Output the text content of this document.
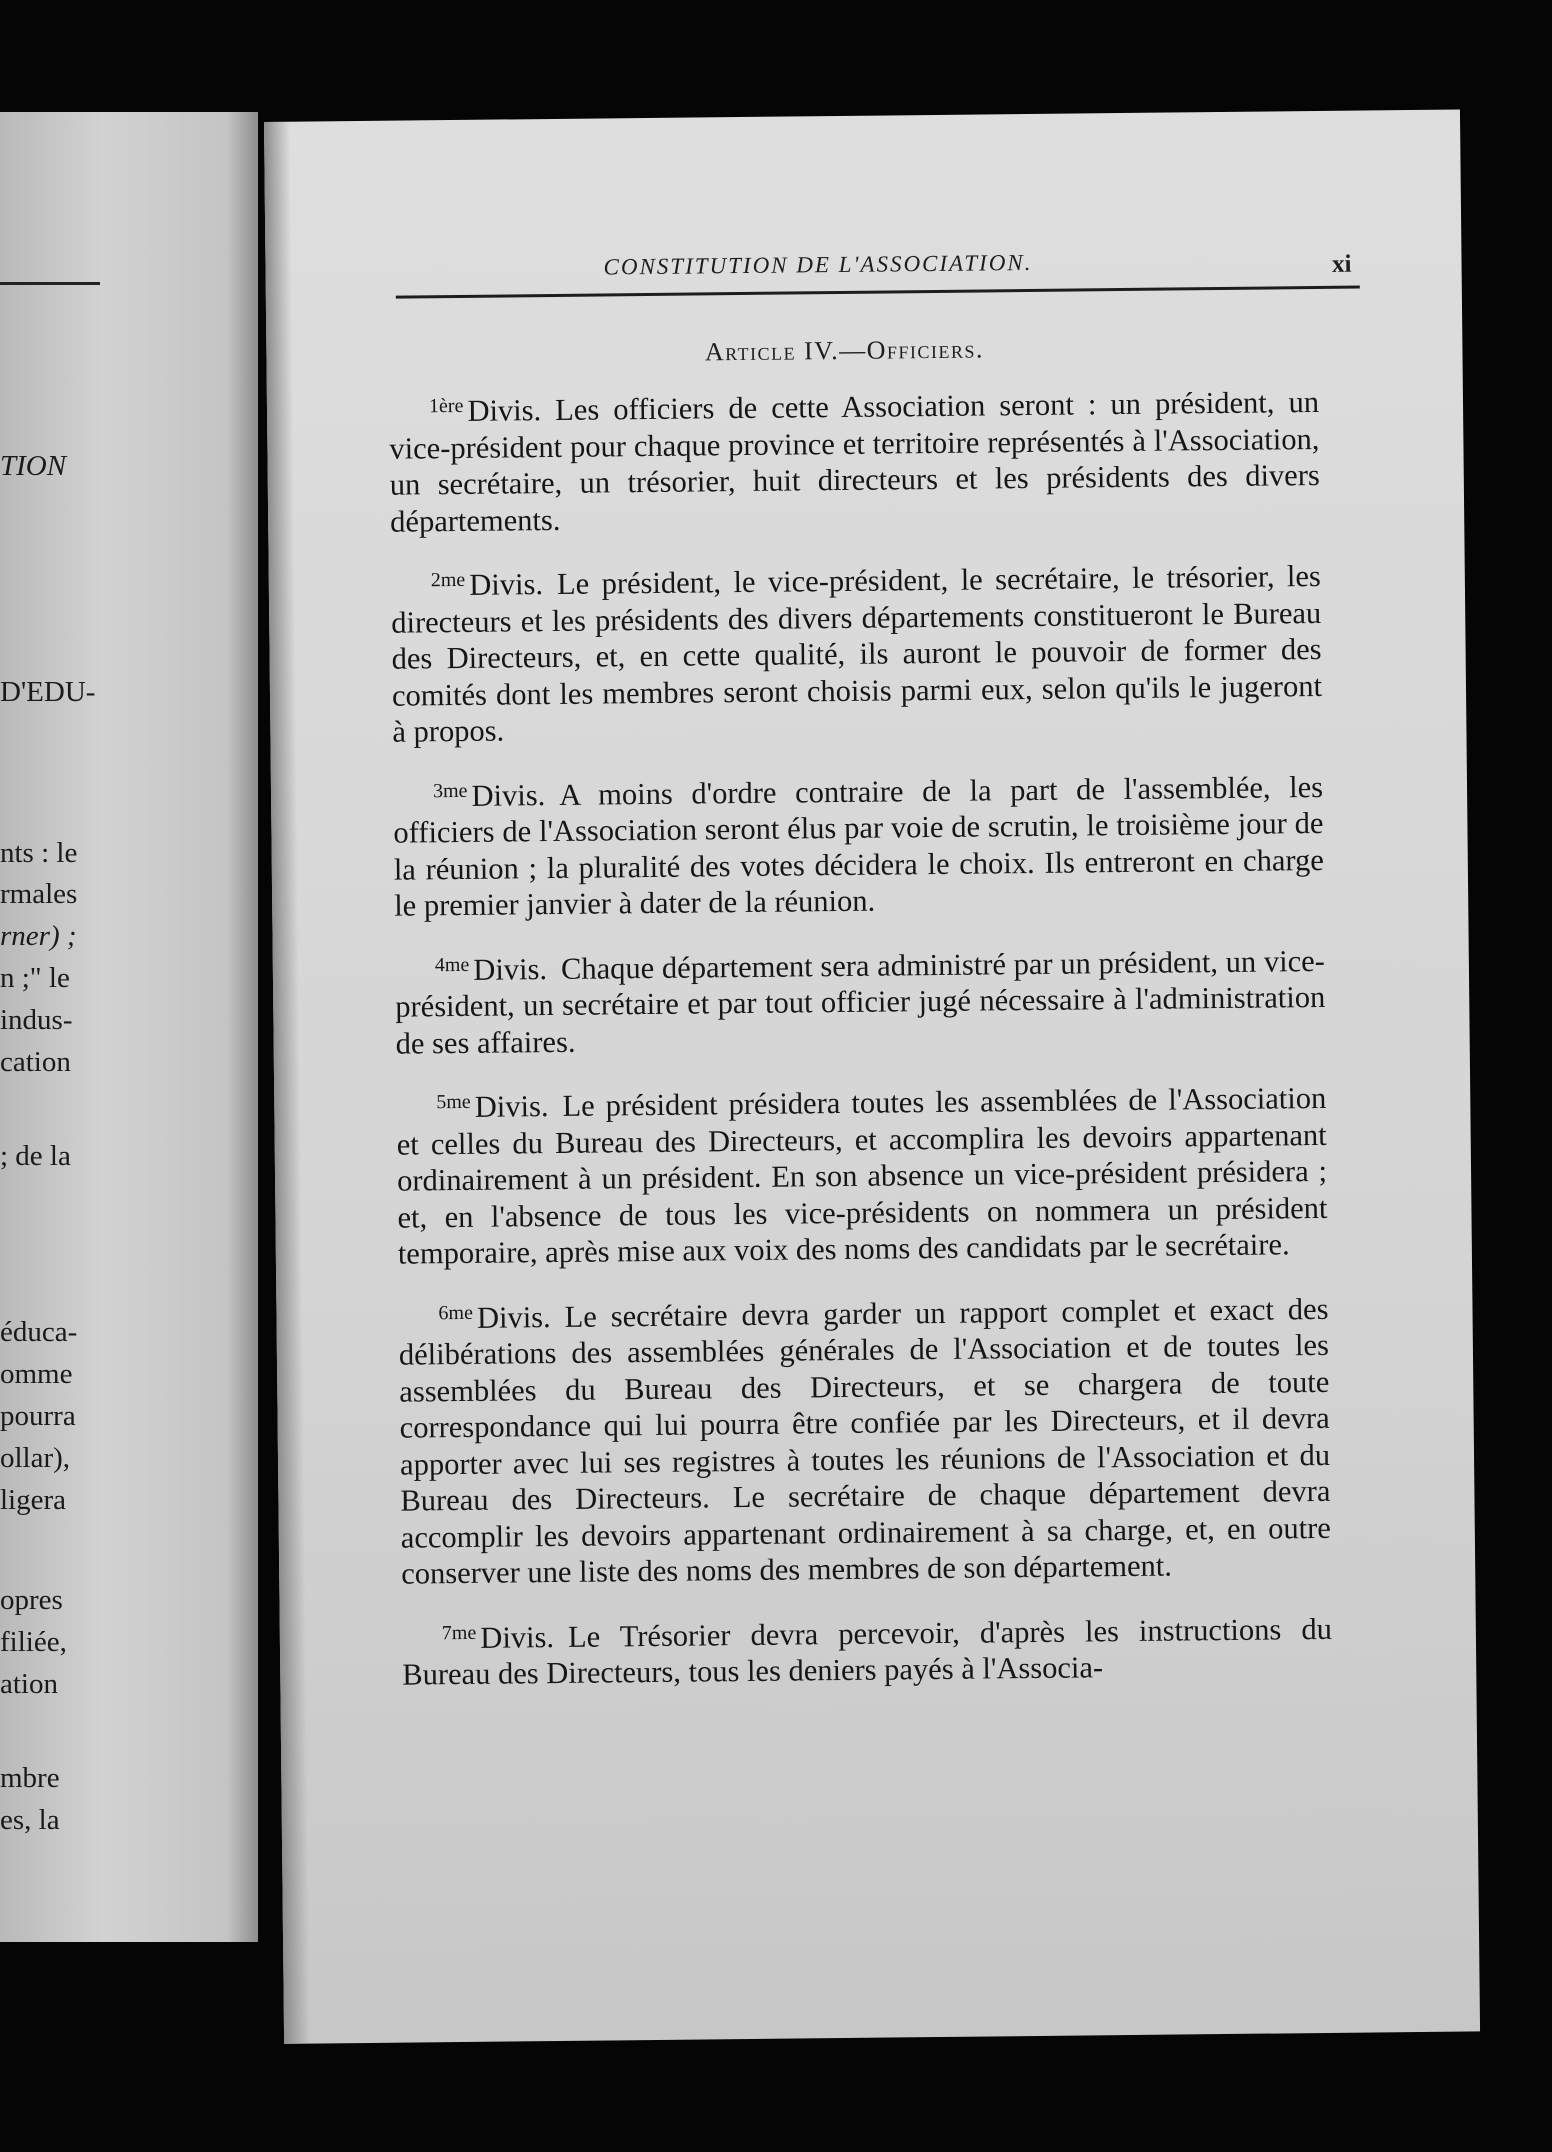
TION
D'EDU-
nts : le
rmales
rner) ;
n ;" le
indus-
cation
; de la
éduca-
omme
pourra
ollar),
ligera
opres
filiée,
ation
mbre
es, la
CONSTITUTION DE L'ASSOCIATION.	xi
Article IV.—Officiers.

$^{1ère}$ Divis. Les officiers de cette Association seront : un président, un vice-président pour chaque province et territoire représentés à l'Association, un secrétaire, un trésorier, huit directeurs et les présidents des divers départements.

$^{2me}$ Divis. Le président, le vice-président, le secrétaire, le trésorier, les directeurs et les présidents des divers départements constitueront le Bureau des Directeurs, et, en cette qualité, ils auront le pouvoir de former des comités dont les membres seront choisis parmi eux, selon qu'ils le jugeront à propos.

$^{3me}$ Divis. A moins d'ordre contraire de la part de l'assemblée, les officiers de l'Association seront élus par voie de scrutin, le troisième jour de la réunion ; la pluralité des votes décidera le choix. Ils entreront en charge le premier janvier à dater de la réunion.

$^{4me}$ Divis. Chaque département sera administré par un président, un vice-président, un secrétaire et par tout officier jugé nécessaire à l'administration de ses affaires.

$^{5me}$ Divis. Le président présidera toutes les assemblées de l'Association et celles du Bureau des Directeurs, et accomplira les devoirs appartenant ordinairement à un président. En son absence un vice-président présidera ; et, en l'absence de tous les vice-présidents on nommera un président temporaire, après mise aux voix des noms des candidats par le secrétaire.

$^{6me}$ Divis. Le secrétaire devra garder un rapport complet et exact des délibérations des assemblées générales de l'Association et de toutes les assemblées du Bureau des Directeurs, et se chargera de toute correspondance qui lui pourra être confiée par les Directeurs, et il devra apporter avec lui ses registres à toutes les réunions de l'Association et du Bureau des Directeurs. Le secrétaire de chaque département devra accomplir les devoirs appartenant ordinairement à sa charge, et, en outre conserver une liste des noms des membres de son département.

$^{7me}$ Divis. Le Trésorier devra percevoir, d'après les instructions du Bureau des Directeurs, tous les deniers payés à l'Associa-
